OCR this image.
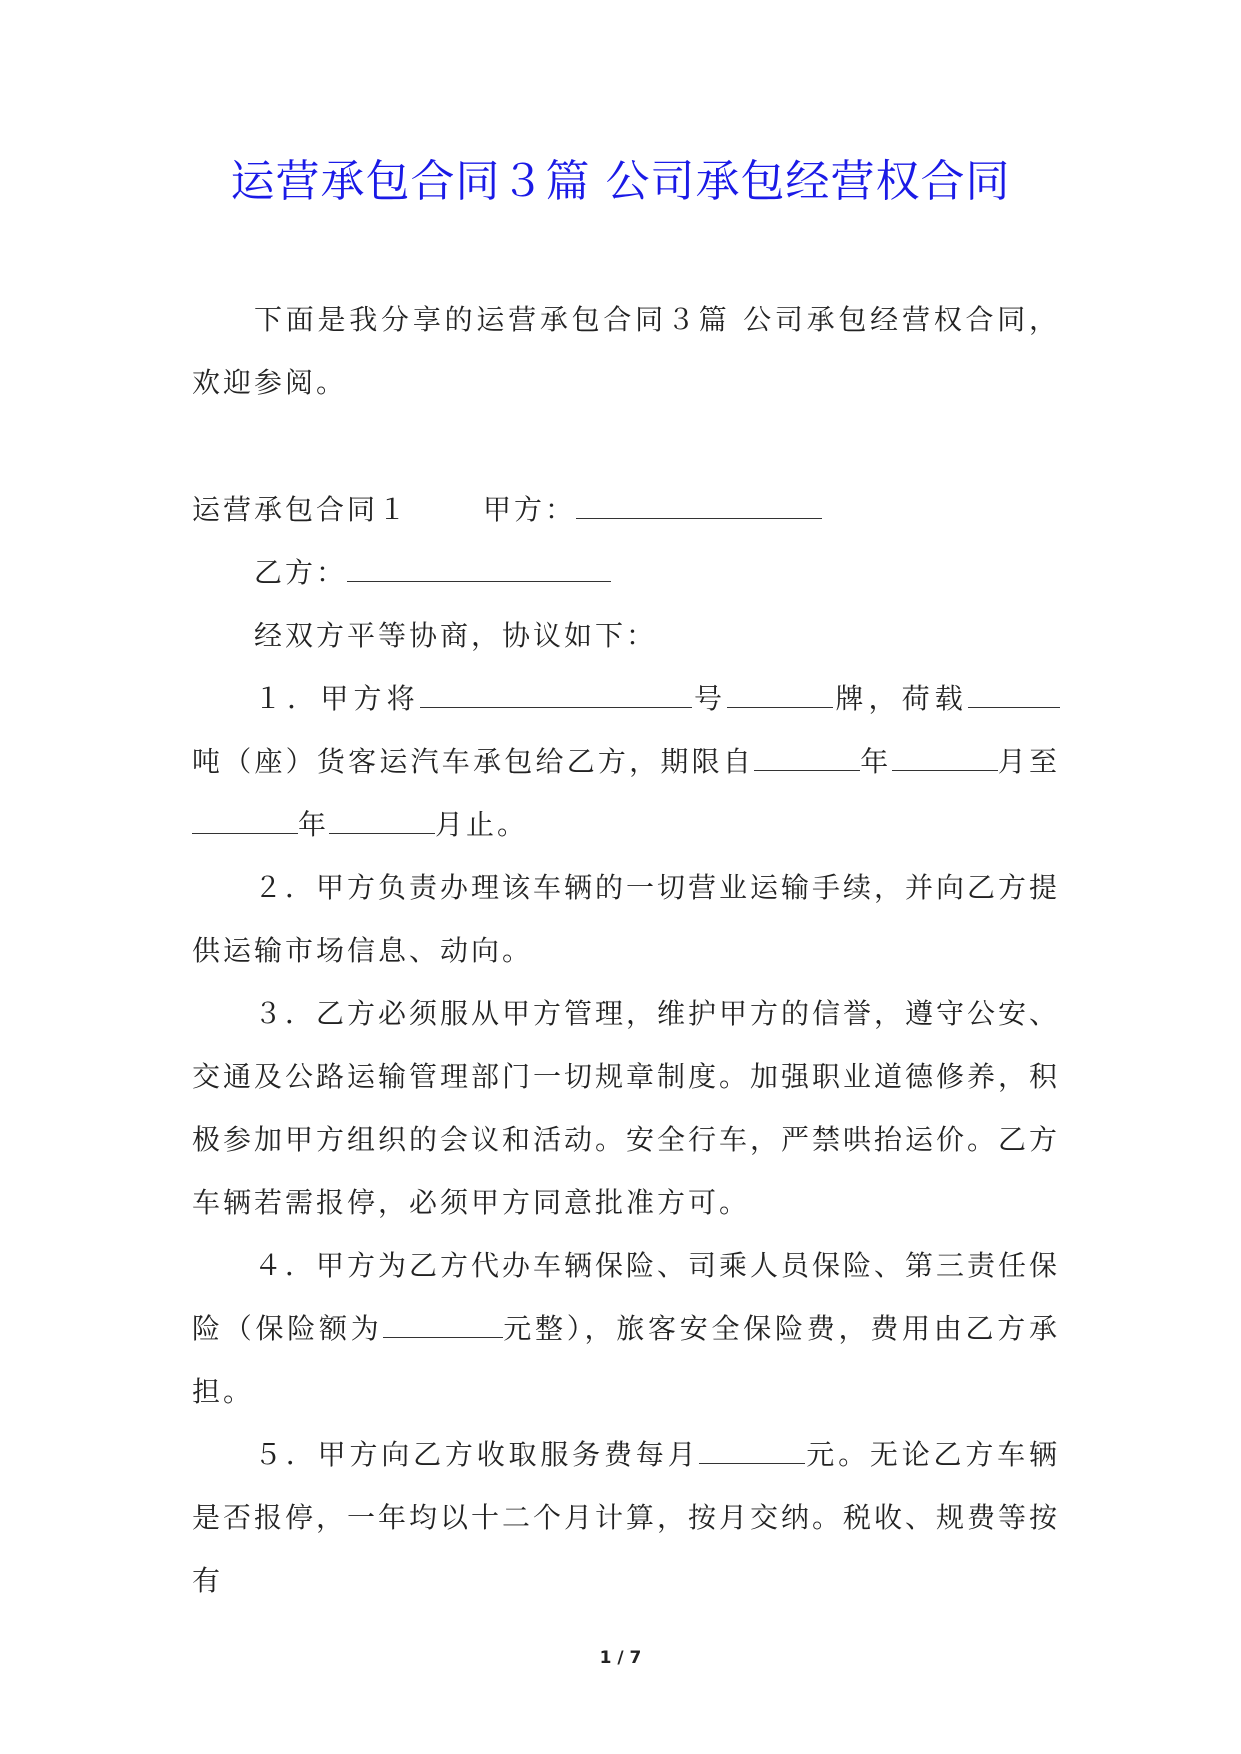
运营承包合同３篇 公司承包经营权合同

下面是我分享的运营承包合同３篇 公司承包经营权合同，欢迎参阅。

运营承包合同１	甲方：

乙方：

经双方平等协商，协议如下：

１．甲方将	号	牌，荷载吨（座）货客运汽车承包给乙方，期限自	年	月至年	月止。

２．甲方负责办理该车辆的一切营业运输手续，并向乙方提供运输市场信息、动向。

３．乙方必须服从甲方管理，维护甲方的信誉，遵守公安、交通及公路运输管理部门一切规章制度。加强职业道德修养，积极参加甲方组织的会议和活动。安全行车，严禁哄抬运价。乙方车辆若需报停，必须甲方同意批准方可。

４．甲方为乙方代办车辆保险、司乘人员保险、第三责任保险（保险额为	元整），旅客安全保险费，费用由乙方承担。

５．甲方向乙方收取服务费每月	元。无论乙方车辆是否报停，一年均以十二个月计算，按月交纳。税收、规费等按有

1 / 7
